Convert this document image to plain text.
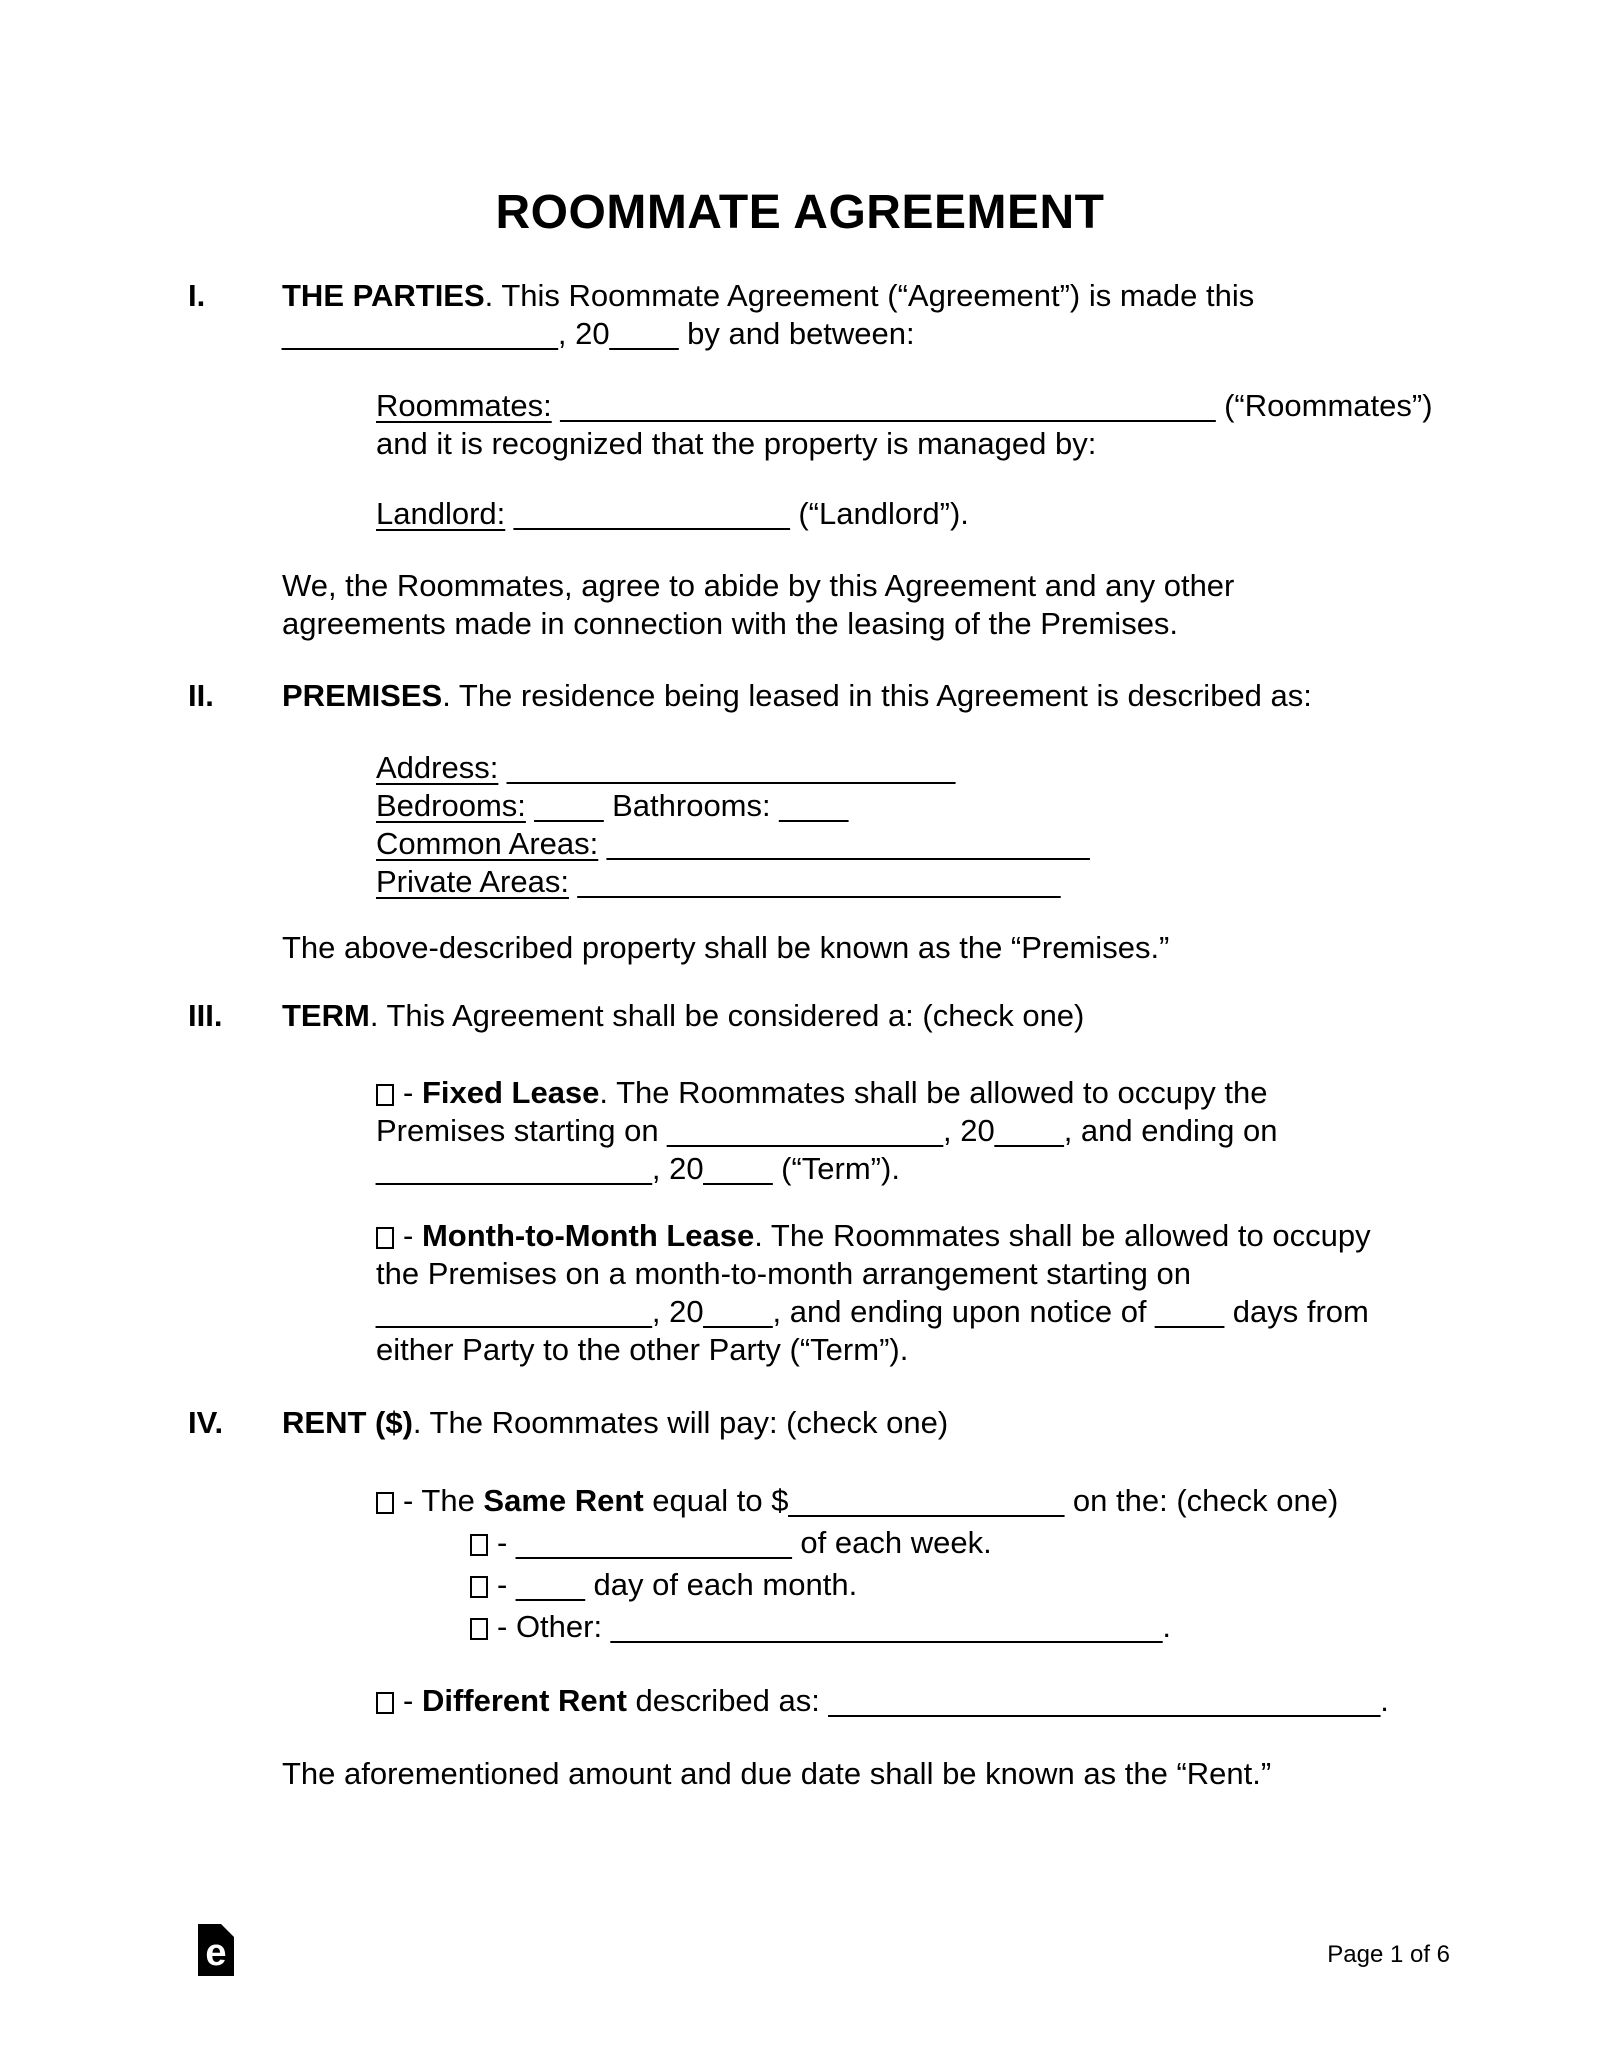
ROOMMATE AGREEMENT
I.	THE PARTIES. This Roommate Agreement (“Agreement”) is made this
________________, 20____ by and between:
Roommates: ______________________________________ (“Roommates”)
and it is recognized that the property is managed by:
Landlord: ________________ (“Landlord”).
We, the Roommates, agree to abide by this Agreement and any other
agreements made in connection with the leasing of the Premises.
II.	PREMISES. The residence being leased in this Agreement is described as:
Address: __________________________
Bedrooms: ____ Bathrooms: ____
Common Areas: ____________________________
Private Areas: ____________________________
The above-described property shall be known as the “Premises.”
III.	TERM. This Agreement shall be considered a: (check one)
- Fixed Lease. The Roommates shall be allowed to occupy the
Premises starting on ________________, 20____, and ending on
________________, 20____ (“Term”).
- Month-to-Month Lease. The Roommates shall be allowed to occupy
the Premises on a month-to-month arrangement starting on
________________, 20____, and ending upon notice of ____ days from
either Party to the other Party (“Term”).
IV.	RENT ($). The Roommates will pay: (check one)
- The Same Rent equal to $________________ on the: (check one)
- ________________ of each week.
- ____ day of each month.
- Other: ________________________________.
- Different Rent described as: ________________________________.
The aforementioned amount and due date shall be known as the “Rent.”
e	Page 1 of 6
